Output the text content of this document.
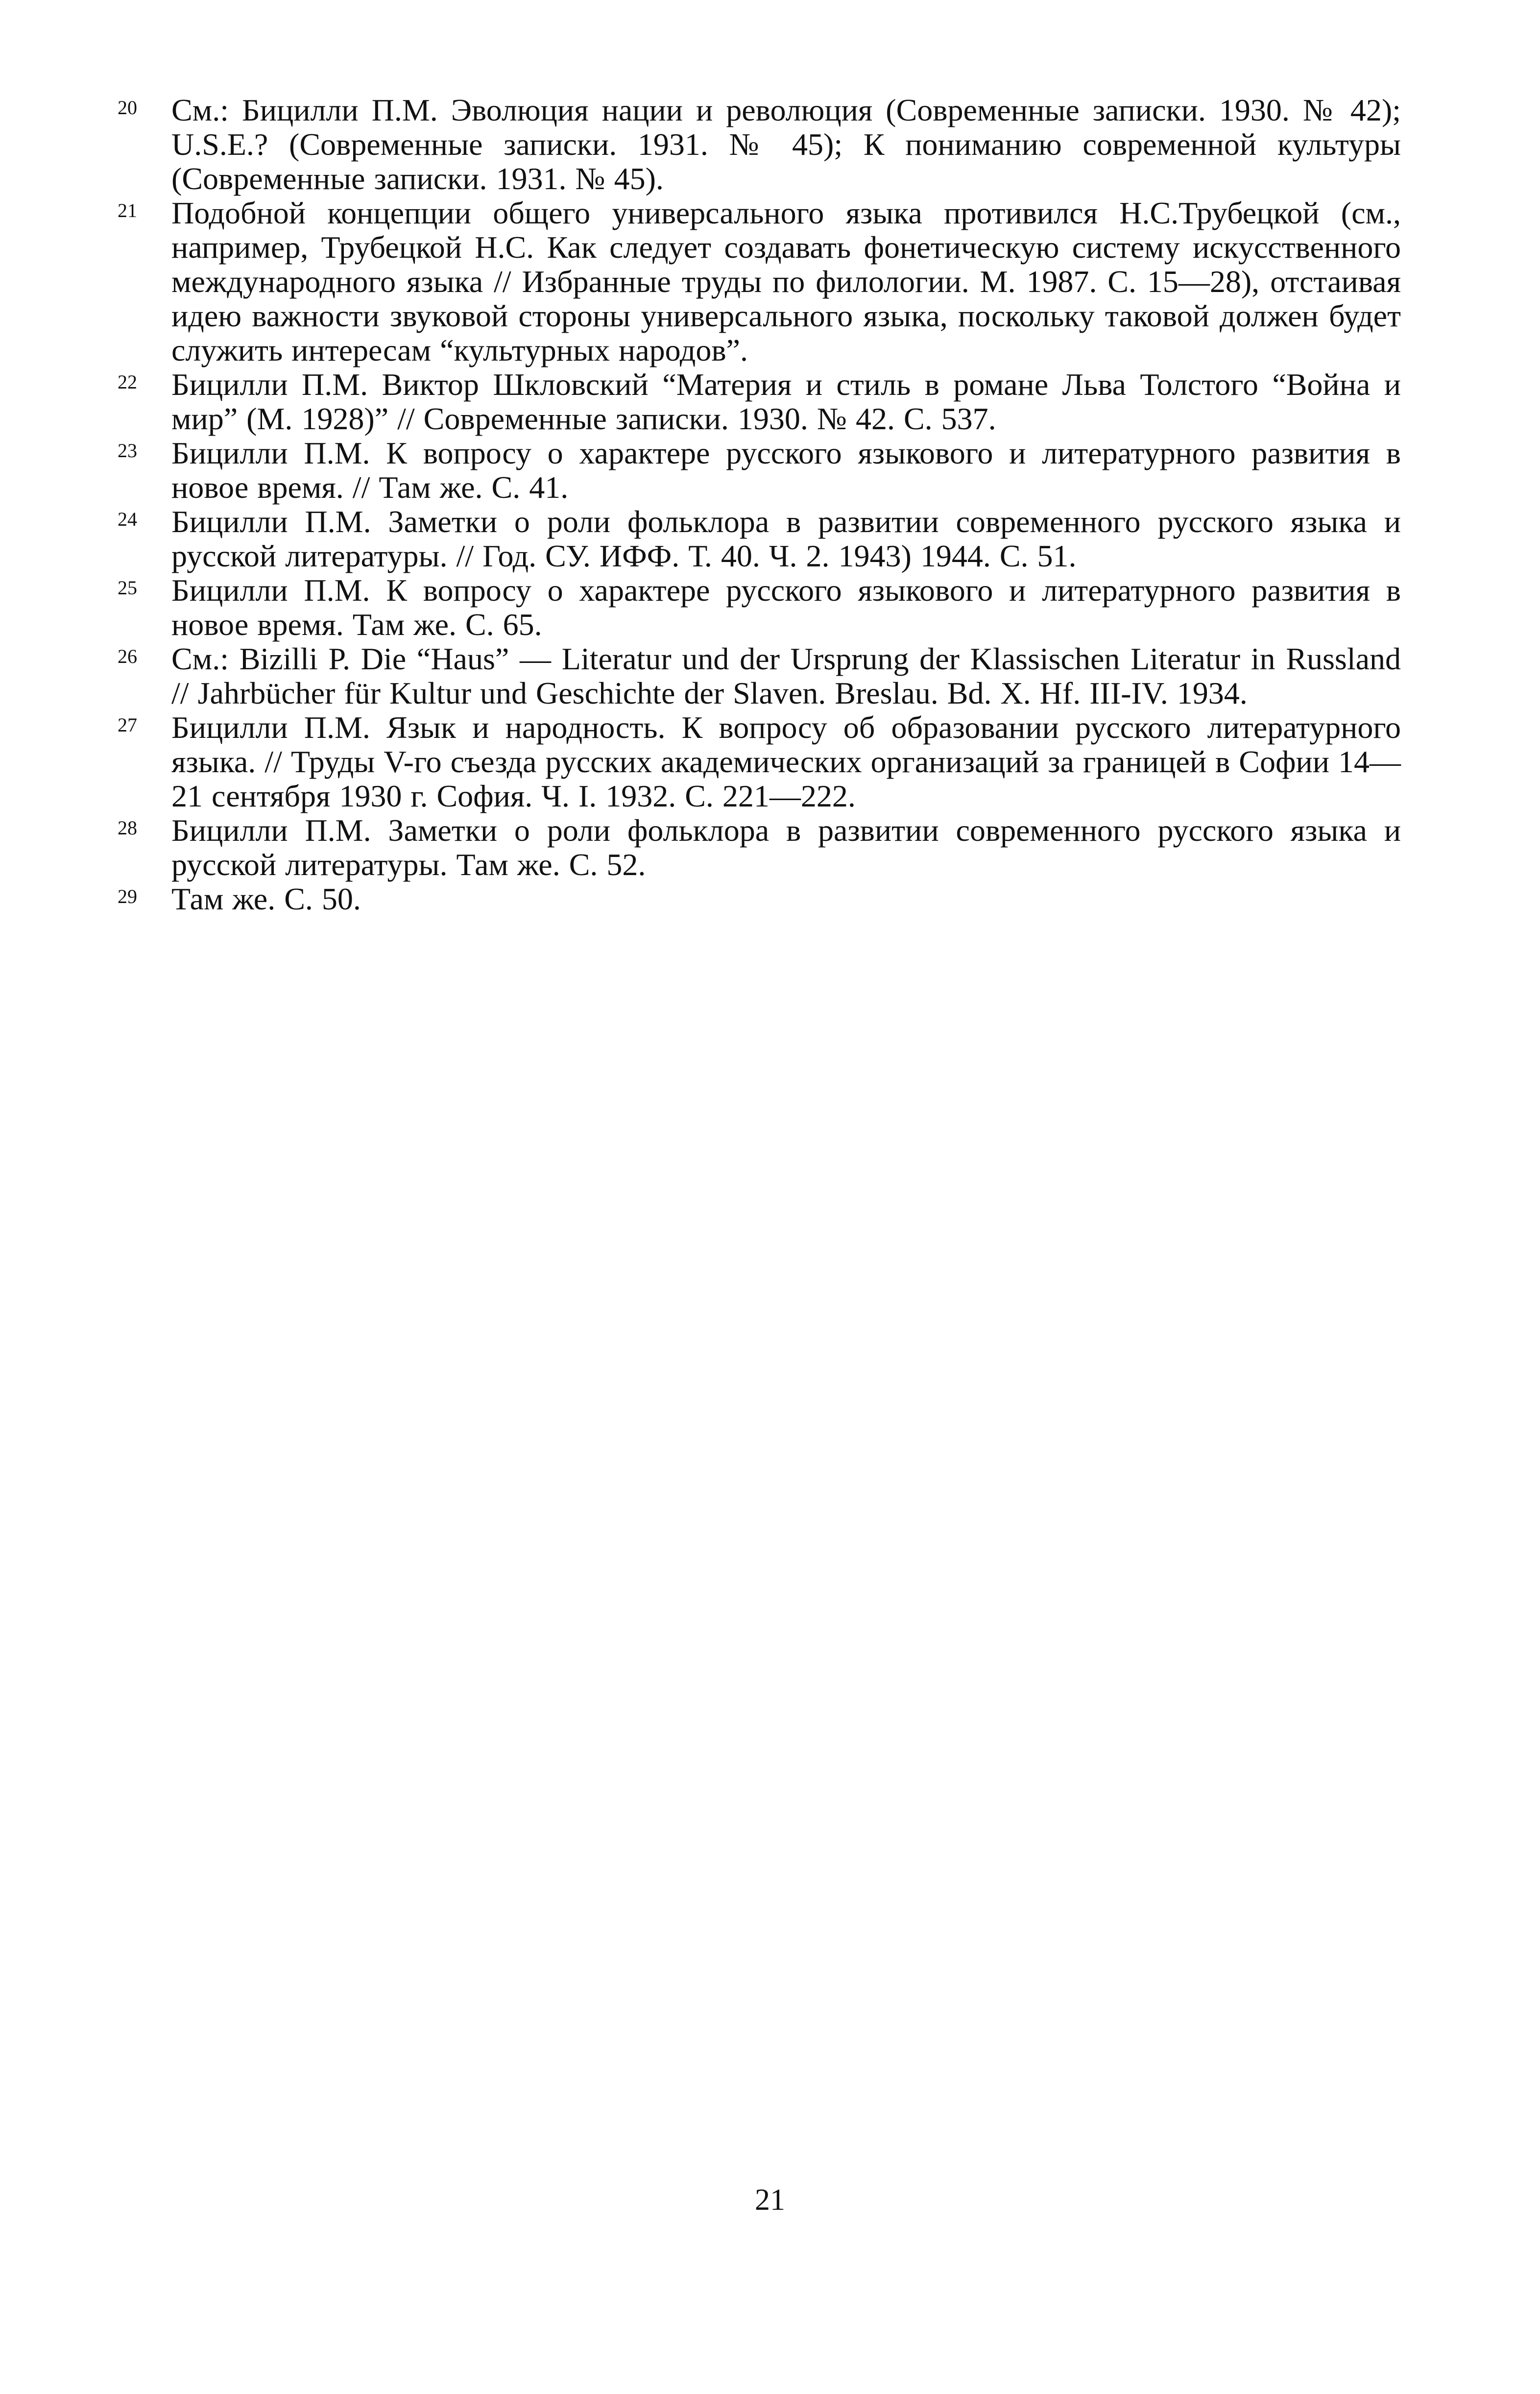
20	См.: Бицилли П.М. Эволюция нации и революция (Современные записки. 1930. № 42); U.S.E.? (Современные записки. 1931. № 45); К пониманию современной культуры (Современные записки. 1931. № 45).
21	Подобной концепции общего универсального языка противился Н.С.Трубецкой (см., например, Трубецкой Н.С. Как следует создавать фонетическую систему искусственного международного языка // Избранные труды по филологии. М. 1987. С. 15—28), отстаивая идею важности звуковой стороны универсального языка, поскольку таковой должен будет служить интересам “культурных народов”.
22	Бицилли П.М. Виктор Шкловский “Материя и стиль в романе Льва Толстого “Война и мир” (М. 1928)” // Современные записки. 1930. № 42. С. 537.
23	Бицилли П.М. К вопросу о характере русского языкового и литературного развития в новое время. // Там же. С. 41.
24	Бицилли П.М. Заметки о роли фольклора в развитии современного русского языка и русской литературы. // Год. СУ. ИФФ. Т. 40. Ч. 2. 1943) 1944. С. 51.
25	Бицилли П.М. К вопросу о характере русского языкового и литературного развития в новое время. Там же. С. 65.
26	См.: Bizilli P. Die “Haus” — Literatur und der Ursprung der Klassischen Literatur in Russland // Jahrbücher für Kultur und Geschichte der Slaven. Breslau. Bd. X. Hf. III-IV. 1934.
27	Бицилли П.М. Язык и народность. К вопросу об образовании русского литературного языка. // Труды V-го съезда русских академических организаций за границей в Софии 14—21 сентября 1930 г. София. Ч. I. 1932. С. 221—222.
28	Бицилли П.М. Заметки о роли фольклора в развитии современного русского языка и русской литературы. Там же. С. 52.
29	Там же. С. 50.
21
